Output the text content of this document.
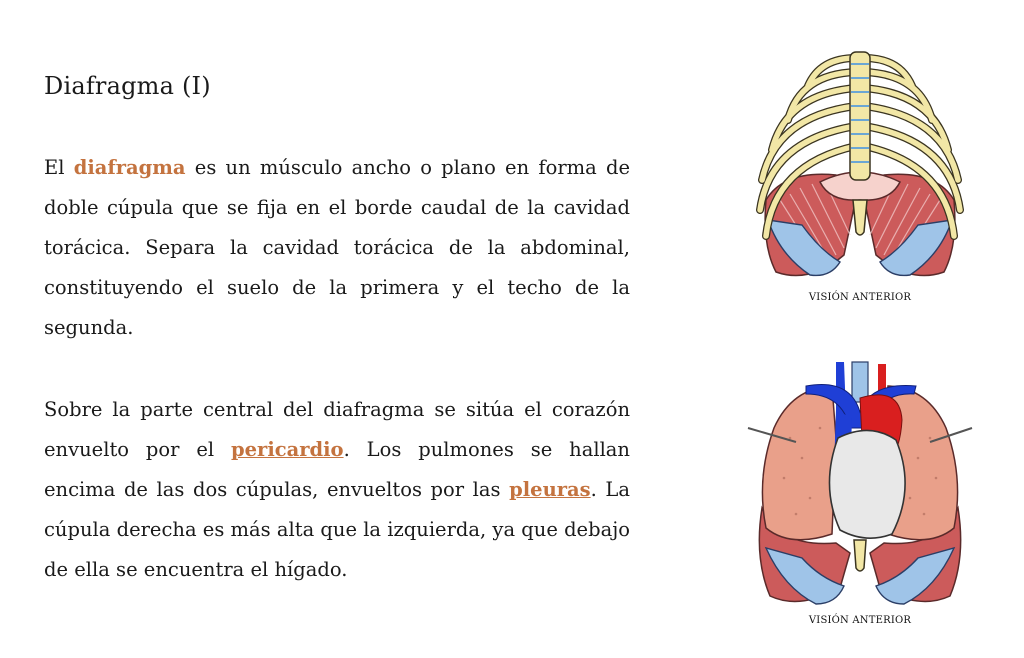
Diafragma (I)

El diafragma es un músculo ancho o plano en forma de doble cúpula que se fija en el borde caudal de la cavidad torácica. Separa la cavidad torácica de la abdominal, constituyendo el suelo de la primera y el techo de la segunda.

Sobre la parte central del diafragma se sitúa el corazón envuelto por el pericardio. Los pulmones se hallan encima de las dos cúpulas, envueltos por las pleuras. La cúpula derecha es más alta que la izquierda, ya que debajo de ella se encuentra el hígado.

VISIÓN ANTERIOR
VISIÓN ANTERIOR
